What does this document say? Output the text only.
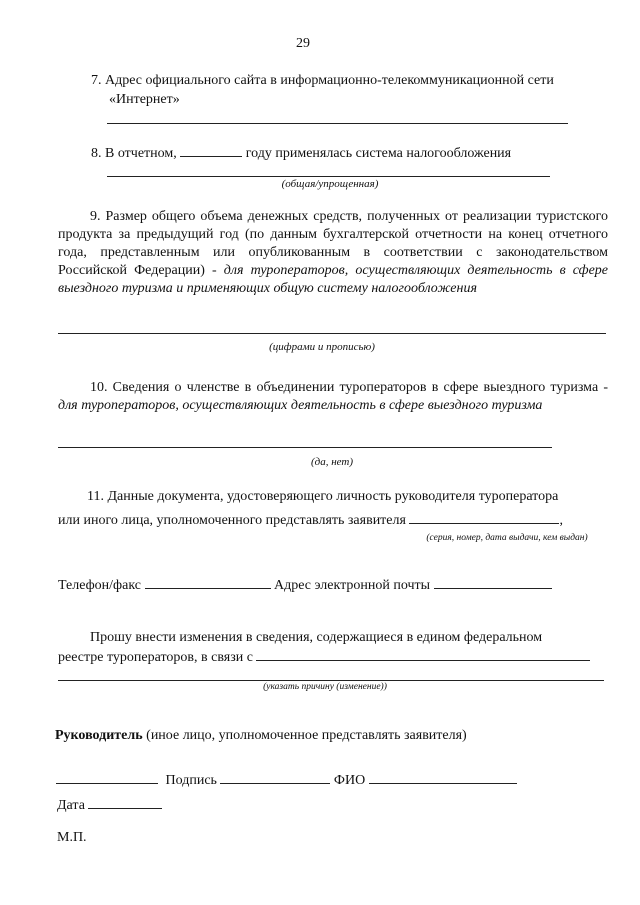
29
7. Адрес официального сайта в информационно-телекоммуникационной сети
«Интернет»
8. В отчетном,	году применялась система налогообложения
(общая/упрощенная)
9. Размер общего объема денежных средств, полученных от реализации туристского продукта за предыдущий год (по данным бухгалтерской отчетности на конец отчетного года, представленным или опубликованным в соответствии с законодательством Российской Федерации) - для туроператоров, осуществляющих деятельность в сфере выездного туризма и применяющих общую систему налогообложения
(цифрами и прописью)
10. Сведения о членстве в объединении туроператоров в сфере выездного туризма - для туроператоров, осуществляющих деятельность в сфере выездного туризма
(да, нет)
11. Данные документа, удостоверяющего личность руководителя туроператора
или иного лица, уполномоченного представлять заявителя	,
(серия, номер, дата выдачи, кем выдан)
Телефон/факс	Адрес электронной почты
Прошу внести изменения в сведения, содержащиеся в едином федеральном
реестре туроператоров, в связи с
(указать причину (изменение))
Руководитель (иное лицо, уполномоченное представлять заявителя)
Подпись	ФИО
Дата
М.П.
